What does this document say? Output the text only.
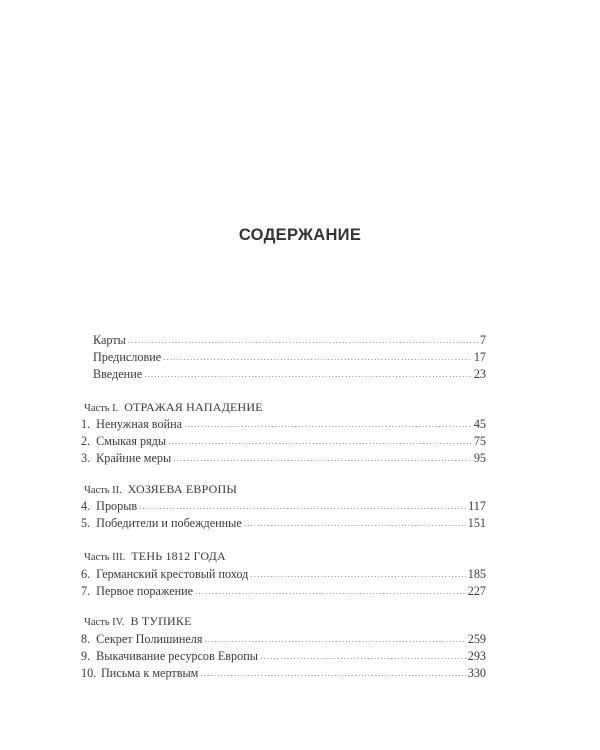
СОДЕРЖАНИЕ
Карты .....	7
Предисловие .....	17
Введение .....	23
Часть I. ОТРАЖАЯ НАПАДЕНИЕ
1. Ненужная война .....	45
2. Смыкая ряды .....	75
3. Крайние меры .....	95
Часть II. ХОЗЯЕВА ЕВРОПЫ
4. Прорыв .....	117
5. Победители и побежденные .....	151
Часть III. ТЕНЬ 1812 ГОДА
6. Германский крестовый поход .....	185
7. Первое поражение .....	227
Часть IV. В ТУПИКЕ
8. Секрет Полишинеля .....	259
9. Выкачивание ресурсов Европы .....	293
10. Письма к мертвым .....	330
